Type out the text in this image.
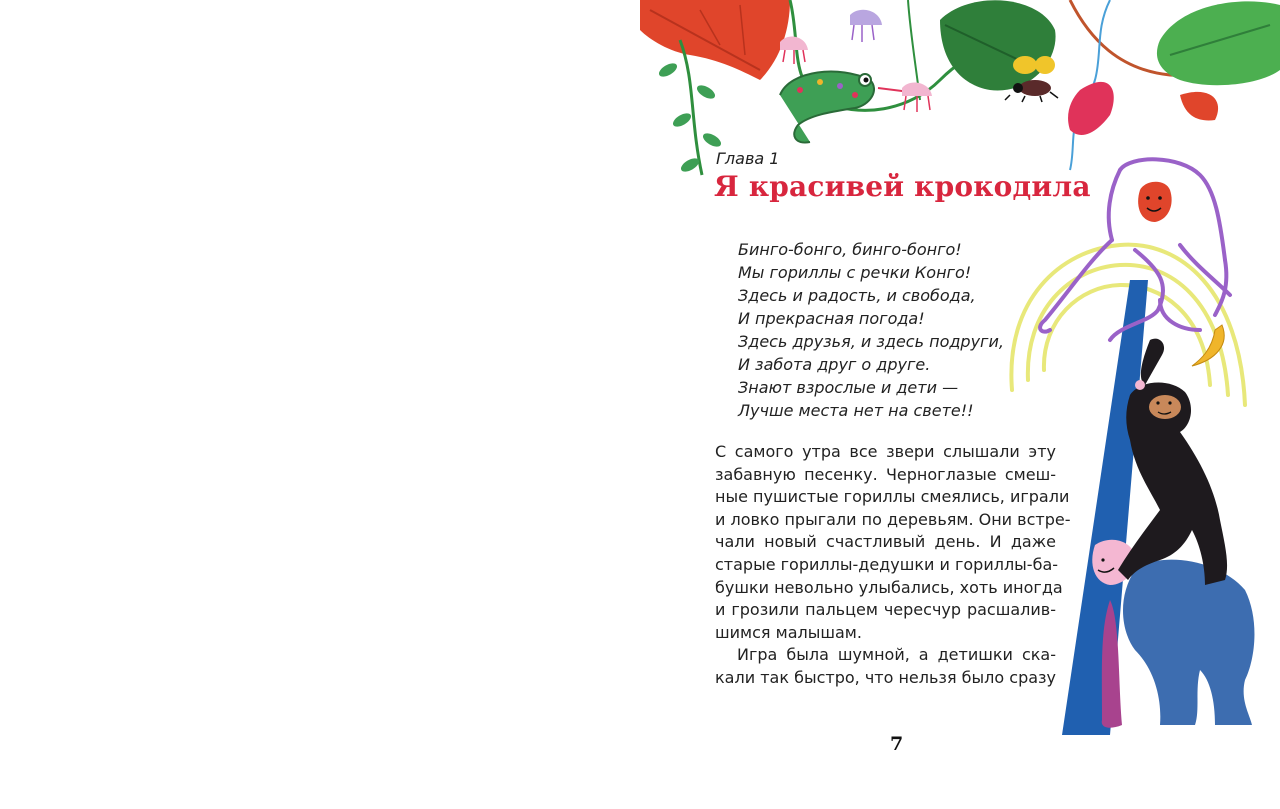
Глава 1

Я красивей крокодила
Бинго-бонго, бинго-бонго!
Мы гориллы с речки Конго!
Здесь и радость, и свобода,
И прекрасная погода!
Здесь друзья, и здесь подруги,
И забота друг о друге.
Знают взрослые и дети —
Лучше места нет на свете!!
С самого утра все звери слышали эту
забавную песенку. Черноглазые смеш-
ные пушистые гориллы смеялись, играли
и ловко прыгали по деревьям. Они встре-
чали новый счастливый день. И даже
старые гориллы-дедушки и гориллы-ба-
бушки невольно улыбались, хоть иногда
и грозили пальцем чересчур расшалив-
шимся малышам.
Игра была шумной, а детишки ска-
кали так быстро, что нельзя было сразу
7
